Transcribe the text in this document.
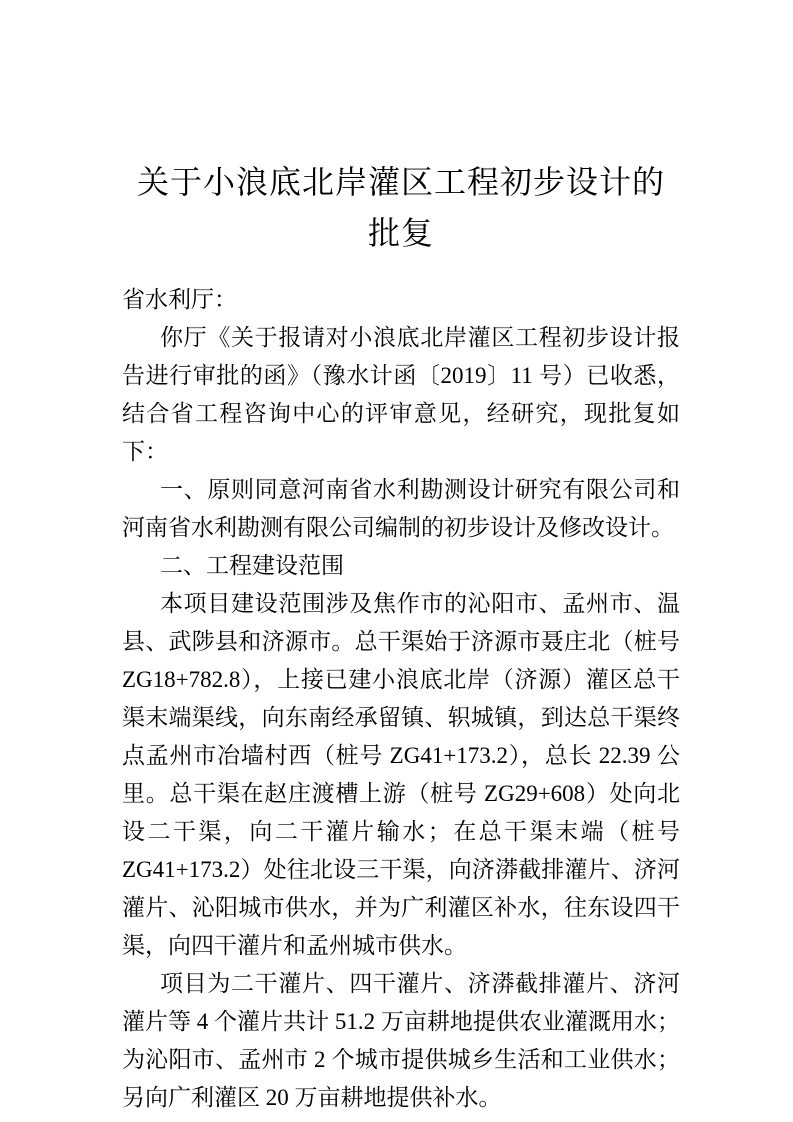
关于小浪底北岸灌区工程初步设计的
批复

省水利厅：

你厅《关于报请对小浪底北岸灌区工程初步设计报告进行审批的函》（豫水计函〔2019〕11 号）已收悉，结合省工程咨询中心的评审意见，经研究，现批复如下：

一、原则同意河南省水利勘测设计研究有限公司和河南省水利勘测有限公司编制的初步设计及修改设计。

二、工程建设范围

本项目建设范围涉及焦作市的沁阳市、孟州市、温县、武陟县和济源市。总干渠始于济源市聂庄北（桩号 ZG18+782.8），上接已建小浪底北岸（济源）灌区总干渠末端渠线，向东南经承留镇、轵城镇，到达总干渠终点孟州市冶墙村西（桩号 ZG41+173.2），总长 22.39 公里。总干渠在赵庄渡槽上游（桩号 ZG29+608）处向北设二干渠，向二干灌片输水；在总干渠末端（桩号 ZG41+173.2）处往北设三干渠，向济漭截排灌片、济河灌片、沁阳城市供水，并为广利灌区补水，往东设四干渠，向四干灌片和孟州城市供水。

项目为二干灌片、四干灌片、济漭截排灌片、济河灌片等 4 个灌片共计 51.2 万亩耕地提供农业灌溉用水；为沁阳市、孟州市 2 个城市提供城乡生活和工业供水；另向广利灌区 20 万亩耕地提供补水。
